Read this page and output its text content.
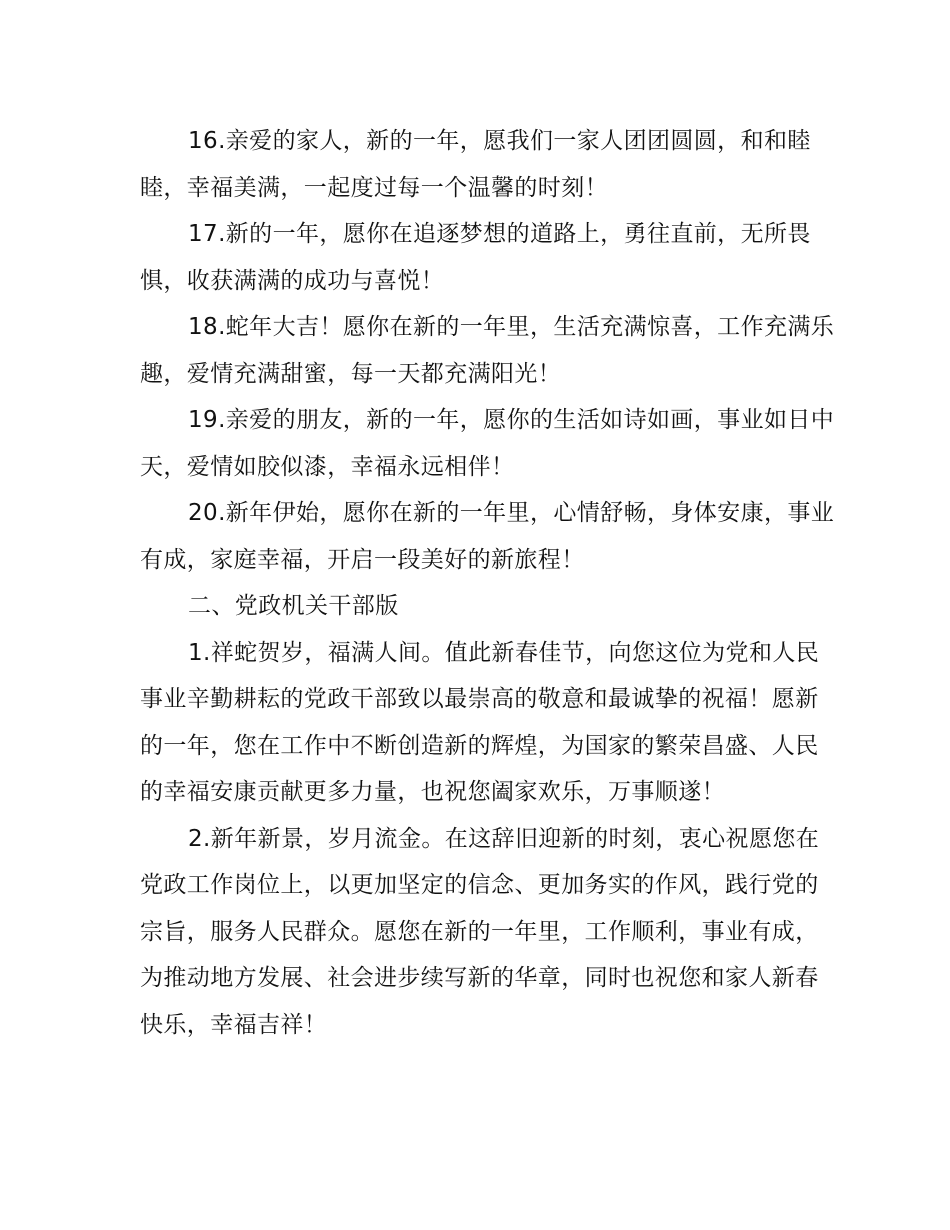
16.亲爱的家人，新的一年，愿我们一家人团团圆圆，和和睦睦，幸福美满，一起度过每一个温馨的时刻！

17.新的一年，愿你在追逐梦想的道路上，勇往直前，无所畏惧，收获满满的成功与喜悦！

18.蛇年大吉！愿你在新的一年里，生活充满惊喜，工作充满乐趣，爱情充满甜蜜，每一天都充满阳光！

19.亲爱的朋友，新的一年，愿你的生活如诗如画，事业如日中天，爱情如胶似漆，幸福永远相伴！

20.新年伊始，愿你在新的一年里，心情舒畅，身体安康，事业有成，家庭幸福，开启一段美好的新旅程！

二、党政机关干部版

1.祥蛇贺岁，福满人间。值此新春佳节，向您这位为党和人民事业辛勤耕耘的党政干部致以最崇高的敬意和最诚挚的祝福！愿新的一年，您在工作中不断创造新的辉煌，为国家的繁荣昌盛、人民的幸福安康贡献更多力量，也祝您阖家欢乐，万事顺遂！

2.新年新景，岁月流金。在这辞旧迎新的时刻，衷心祝愿您在党政工作岗位上，以更加坚定的信念、更加务实的作风，践行党的宗旨，服务人民群众。愿您在新的一年里，工作顺利，事业有成，为推动地方发展、社会进步续写新的华章，同时也祝您和家人新春快乐，幸福吉祥！
